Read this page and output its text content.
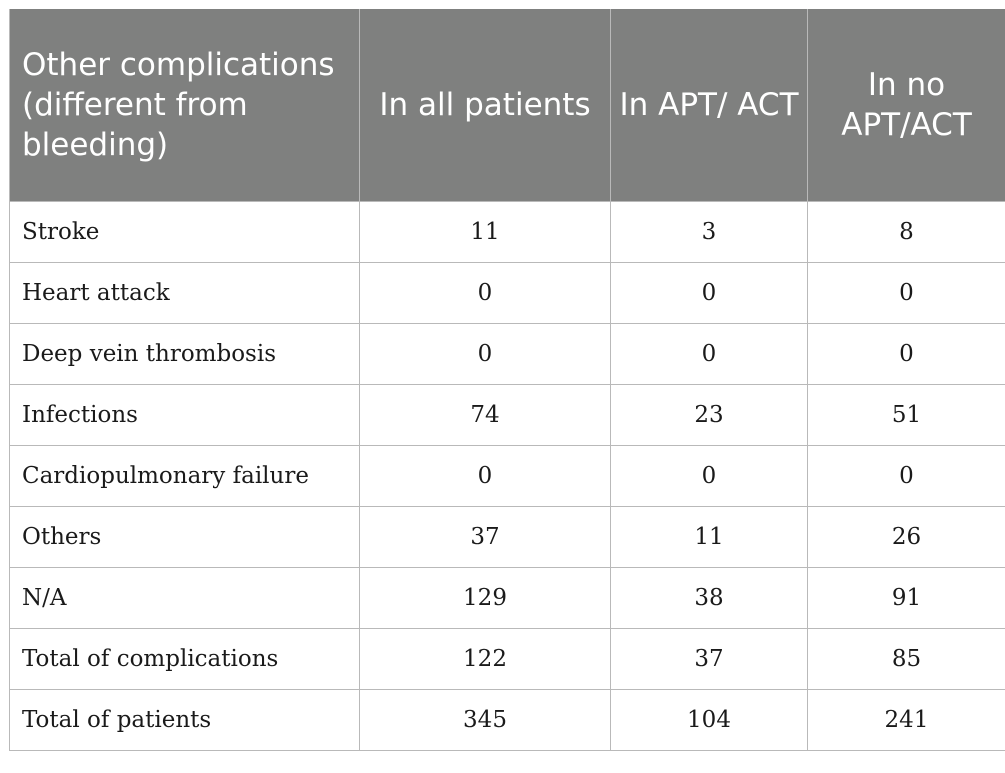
Other complications (different from bleeding)	In all patients	In APT/ ACT	In no APT/ACT
Stroke	11	3	8
Heart attack	0	0	0
Deep vein thrombosis	0	0	0
Infections	74	23	51
Cardiopulmonary failure	0	0	0
Others	37	11	26
N/A	129	38	91
Total of complications	122	37	85
Total of patients	345	104	241
